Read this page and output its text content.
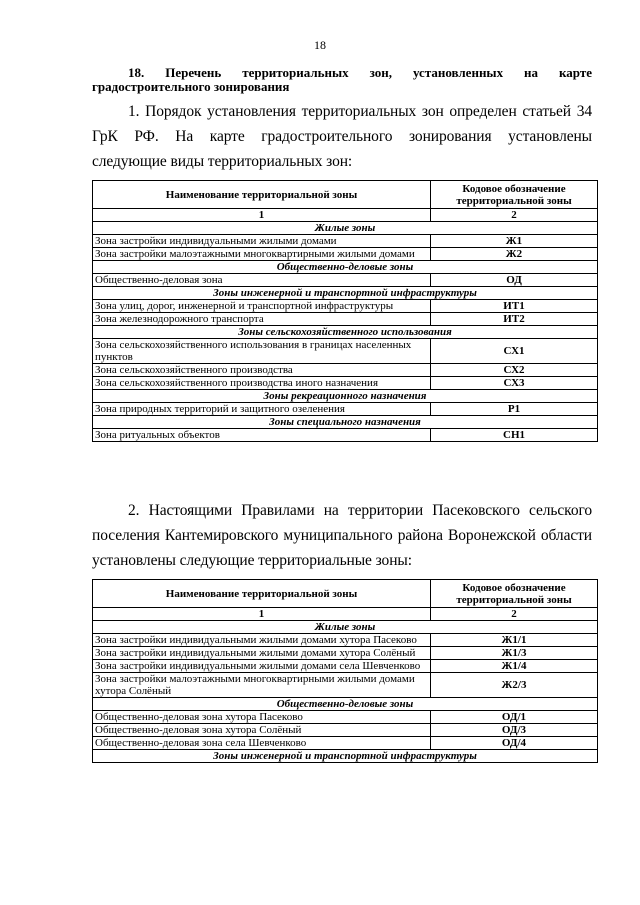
18
18. Перечень территориальных зон, установленных на карте градостроительного зонирования
1. Порядок установления территориальных зон определен статьей 34 ГрК РФ. На карте градостроительного зонирования установлены следующие виды территориальных зон:
Наименование территориальной зоны	Кодовое обозначение территориальной зоны
1	2
Жилые зоны	
Зона застройки индивидуальными жилыми домами	Ж1
Зона застройки малоэтажными многоквартирными жилыми домами	Ж2
Общественно-деловые зоны	
Общественно-деловая зона	ОД
Зоны инженерной и транспортной инфраструктуры	
Зона улиц, дорог, инженерной и транспортной инфраструктуры	ИТ1
Зона железнодорожного транспорта	ИТ2
Зоны сельскохозяйственного использования	
Зона сельскохозяйственного использования в границах населенных пунктов	СХ1
Зона сельскохозяйственного производства	СХ2
Зона сельскохозяйственного производства иного назначения	СХ3
Зоны рекреационного назначения	
Зона природных территорий и защитного озеленения	Р1
Зоны специального назначения	
Зона ритуальных объектов	СН1
2. Настоящими Правилами на территории Пасековского сельского поселения Кантемировского муниципального района Воронежской области установлены следующие территориальные зоны:
Наименование территориальной зоны	Кодовое обозначение территориальной зоны
1	2
Жилые зоны	
Зона застройки индивидуальными жилыми домами хутора Пасеково	Ж1/1
Зона застройки индивидуальными жилыми домами хутора Солёный	Ж1/3
Зона застройки индивидуальными жилыми домами села Шевченково	Ж1/4
Зона застройки малоэтажными многоквартирными жилыми домами хутора Солёный	Ж2/3
Общественно-деловые зоны	
Общественно-деловая зона хутора Пасеково	ОД/1
Общественно-деловая зона хутора Солёный	ОД/3
Общественно-деловая зона села Шевченково	ОД/4
Зоны инженерной и транспортной инфраструктуры	
